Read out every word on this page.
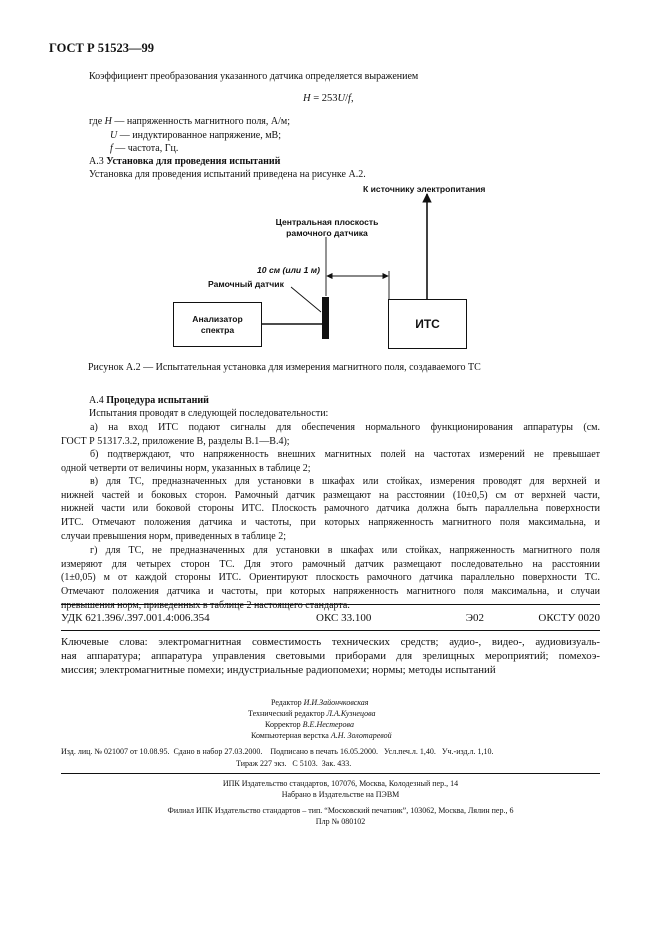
ГОСТ Р 51523—99
Коэффициент преобразования указанного датчика определяется выражением
H = 253U/f,
где H — напряженность магнитного поля, А/м;
U — индуктированное напряжение, мВ;
f — частота, Гц.
А.3 Установка для проведения испытаний
Установка для проведения испытаний приведена на рисунке А.2.
К источнику электропитания
Центральная плоскость
рамочного датчика
10 см (или 1 м)
Рамочный датчик
Анализатор
спектра	ИТС
Рисунок А.2 — Испытательная установка для измерения магнитного поля, создаваемого ТС
А.4 Процедура испытаний
Испытания проводят в следующей последовательности:
а) на вход ИТС подают сигналы для обеспечения нормального функционирования аппаратуры (см.
ГОСТ Р 51317.3.2, приложение В, разделы В.1—В.4);
б) подтверждают, что напряженность внешних магнитных полей на частотах измерений не превышает
одной четверти от величины норм, указанных в таблице 2;
в) для ТС, предназначенных для установки в шкафах или стойках, измерения проводят для верхней и
нижней частей и боковых сторон. Рамочный датчик размещают на расстоянии (10±0,5) см от верхней части,
нижней части или боковой стороны ИТС. Плоскость рамочного датчика должна быть параллельна поверхности
ИТС. Отмечают положения датчика и частоты, при которых напряженность магнитного поля максимальна, и
случаи превышения норм, приведенных в таблице 2;
г) для ТС, не предназначенных для установки в шкафах или стойках, напряженность магнитного поля
измеряют для четырех сторон ТС. Для этого рамочный датчик размещают последовательно на расстоянии
(1±0,05) м от каждой стороны ИТС. Ориентируют плоскость рамочного датчика параллельно поверхности ТС.
Отмечают положения датчика и частоты, при которых напряженность магнитного поля максимальна, и случаи
превышения норм, приведенных в таблице 2 настоящего стандарта.
УДК 621.396/.397.001.4:006.354	ОКС 33.100	Э02	ОКСТУ 0020
Ключевые слова: электромагнитная совместимость технических средств; аудио-, видео-, аудиовизуаль-
ная аппаратура; аппаратура управления световыми приборами для зрелищных мероприятий; помехоэ-
миссия; электромагнитные помехи; индустриальные радиопомехи; нормы; методы испытаний
Редактор И.И.Зайончковская
Технический редактор Л.А.Кузнецова
Корректор В.Е.Нестерова
Компьютерная верстка А.Н. Золотаревой
Изд. лиц. № 021007 от 10.08.95.  Сдано в набор 27.03.2000.    Подписано в печать 16.05.2000.   Усл.печ.л. 1,40.   Уч.-изд.л. 1,10.
Тираж 227 экз.   С 5103.  Зак. 433.
ИПК Издательство стандартов, 107076, Москва, Колодезный пер., 14
Набрано в Издательстве на ПЭВМ
Филиал ИПК Издательство стандартов – тип. “Московский печатник”, 103062, Москва, Лялин пер., 6
Плр № 080102
